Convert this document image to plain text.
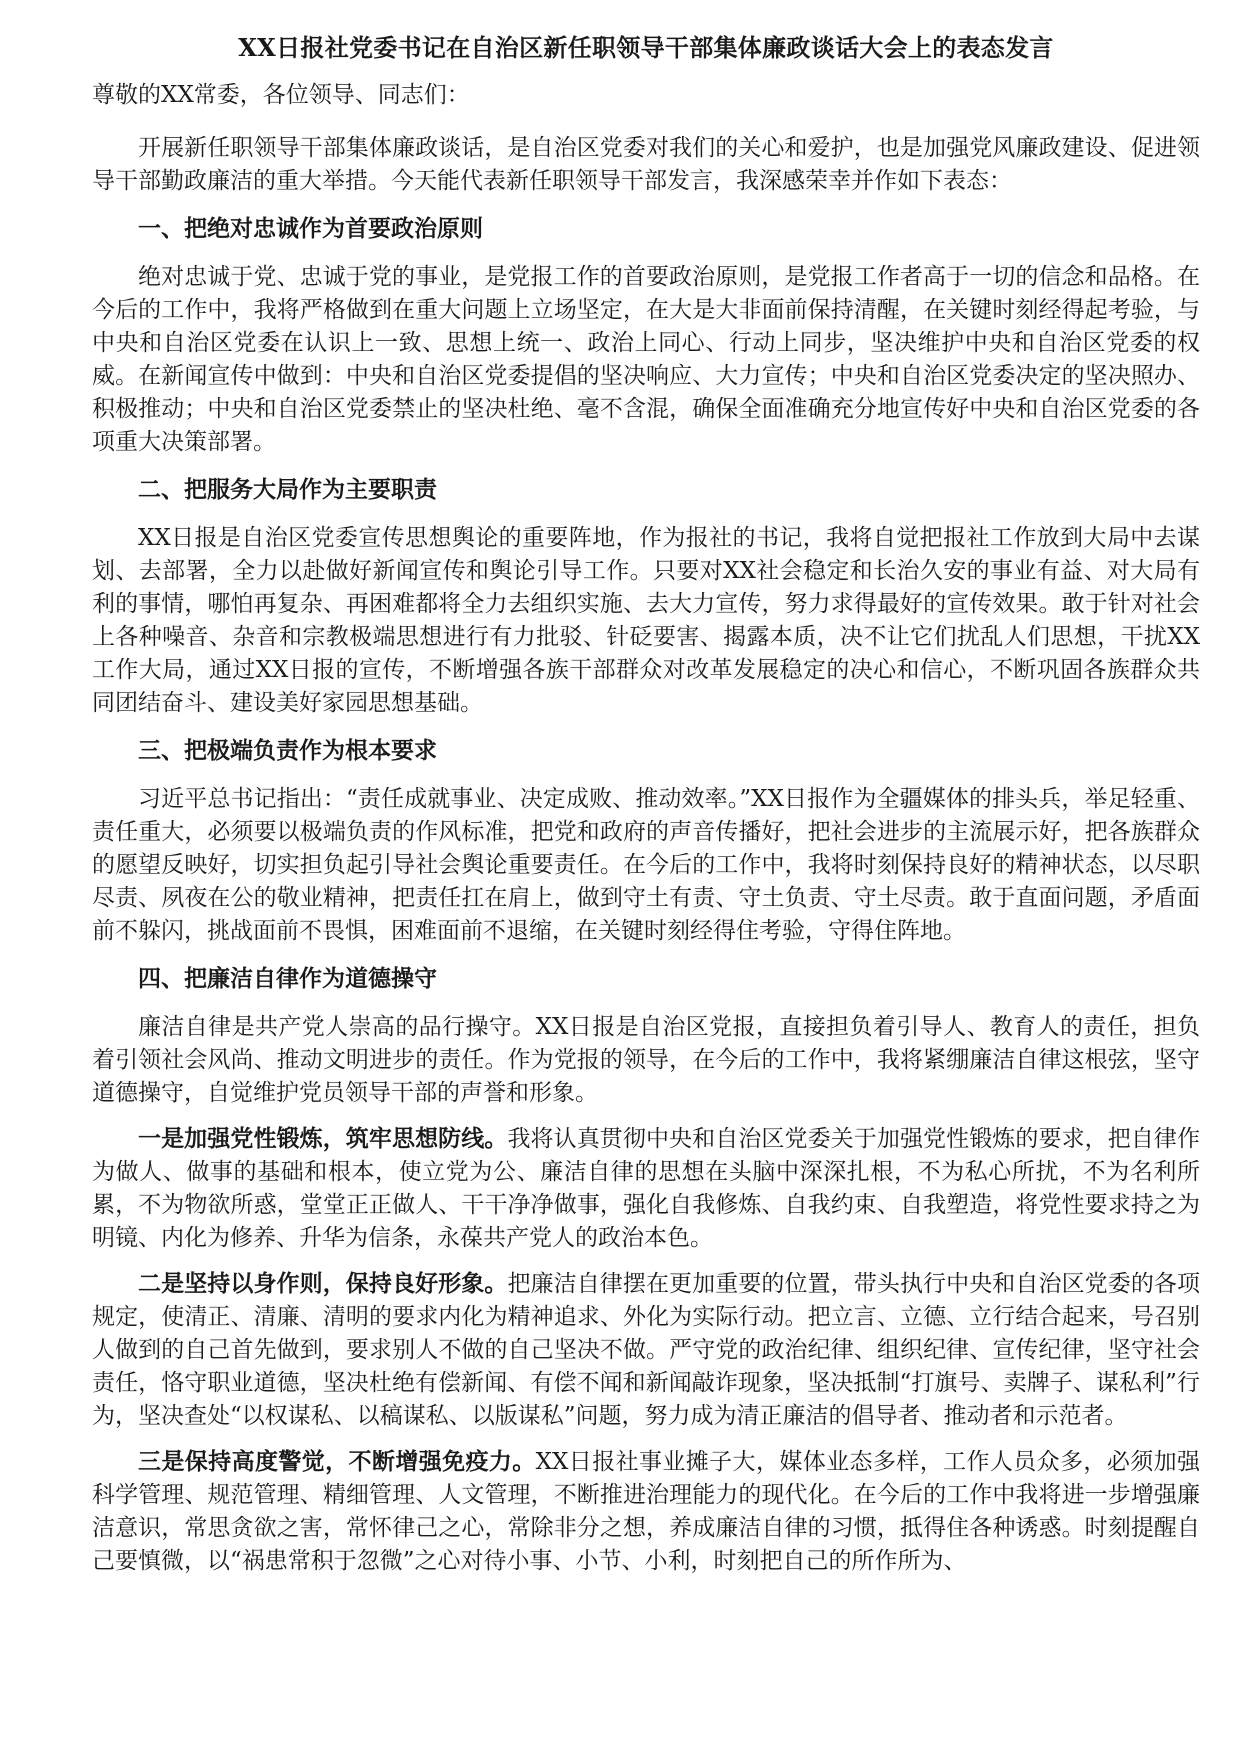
XX日报社党委书记在自治区新任职领导干部集体廉政谈话大会上的表态发言
尊敬的XX常委，各位领导、同志们：
开展新任职领导干部集体廉政谈话，是自治区党委对我们的关心和爱护，也是加强党风廉政建设、促进领导干部勤政廉洁的重大举措。今天能代表新任职领导干部发言，我深感荣幸并作如下表态：
一、把绝对忠诚作为首要政治原则
绝对忠诚于党、忠诚于党的事业，是党报工作的首要政治原则，是党报工作者高于一切的信念和品格。在今后的工作中，我将严格做到在重大问题上立场坚定，在大是大非面前保持清醒，在关键时刻经得起考验，与中央和自治区党委在认识上一致、思想上统一、政治上同心、行动上同步，坚决维护中央和自治区党委的权威。在新闻宣传中做到：中央和自治区党委提倡的坚决响应、大力宣传；中央和自治区党委决定的坚决照办、积极推动；中央和自治区党委禁止的坚决杜绝、毫不含混，确保全面准确充分地宣传好中央和自治区党委的各项重大决策部署。
二、把服务大局作为主要职责
XX日报是自治区党委宣传思想舆论的重要阵地，作为报社的书记，我将自觉把报社工作放到大局中去谋划、去部署，全力以赴做好新闻宣传和舆论引导工作。只要对XX社会稳定和长治久安的事业有益、对大局有利的事情，哪怕再复杂、再困难都将全力去组织实施、去大力宣传，努力求得最好的宣传效果。敢于针对社会上各种噪音、杂音和宗教极端思想进行有力批驳、针砭要害、揭露本质，决不让它们扰乱人们思想，干扰XX工作大局，通过XX日报的宣传，不断增强各族干部群众对改革发展稳定的决心和信心，不断巩固各族群众共同团结奋斗、建设美好家园思想基础。
三、把极端负责作为根本要求
习近平总书记指出：“责任成就事业、决定成败、推动效率。”XX日报作为全疆媒体的排头兵，举足轻重、责任重大，必须要以极端负责的作风标准，把党和政府的声音传播好，把社会进步的主流展示好，把各族群众的愿望反映好，切实担负起引导社会舆论重要责任。在今后的工作中，我将时刻保持良好的精神状态，以尽职尽责、夙夜在公的敬业精神，把责任扛在肩上，做到守土有责、守土负责、守土尽责。敢于直面问题，矛盾面前不躲闪，挑战面前不畏惧，困难面前不退缩，在关键时刻经得住考验，守得住阵地。
四、把廉洁自律作为道德操守
廉洁自律是共产党人崇高的品行操守。XX日报是自治区党报，直接担负着引导人、教育人的责任，担负着引领社会风尚、推动文明进步的责任。作为党报的领导，在今后的工作中，我将紧绷廉洁自律这根弦，坚守道德操守，自觉维护党员领导干部的声誉和形象。
一是加强党性锻炼，筑牢思想防线。我将认真贯彻中央和自治区党委关于加强党性锻炼的要求，把自律作为做人、做事的基础和根本，使立党为公、廉洁自律的思想在头脑中深深扎根，不为私心所扰，不为名利所累，不为物欲所惑，堂堂正正做人、干干净净做事，强化自我修炼、自我约束、自我塑造，将党性要求持之为明镜、内化为修养、升华为信条，永葆共产党人的政治本色。
二是坚持以身作则，保持良好形象。把廉洁自律摆在更加重要的位置，带头执行中央和自治区党委的各项规定，使清正、清廉、清明的要求内化为精神追求、外化为实际行动。把立言、立德、立行结合起来，号召别人做到的自己首先做到，要求别人不做的自己坚决不做。严守党的政治纪律、组织纪律、宣传纪律，坚守社会责任，恪守职业道德，坚决杜绝有偿新闻、有偿不闻和新闻敲诈现象，坚决抵制“打旗号、卖牌子、谋私利”行为，坚决查处“以权谋私、以稿谋私、以版谋私”问题，努力成为清正廉洁的倡导者、推动者和示范者。
三是保持高度警觉，不断增强免疫力。XX日报社事业摊子大，媒体业态多样，工作人员众多，必须加强科学管理、规范管理、精细管理、人文管理，不断推进治理能力的现代化。在今后的工作中我将进一步增强廉洁意识，常思贪欲之害，常怀律己之心，常除非分之想，养成廉洁自律的习惯，抵得住各种诱惑。时刻提醒自己要慎微，以“祸患常积于忽微”之心对待小事、小节、小利，时刻把自己的所作所为、
